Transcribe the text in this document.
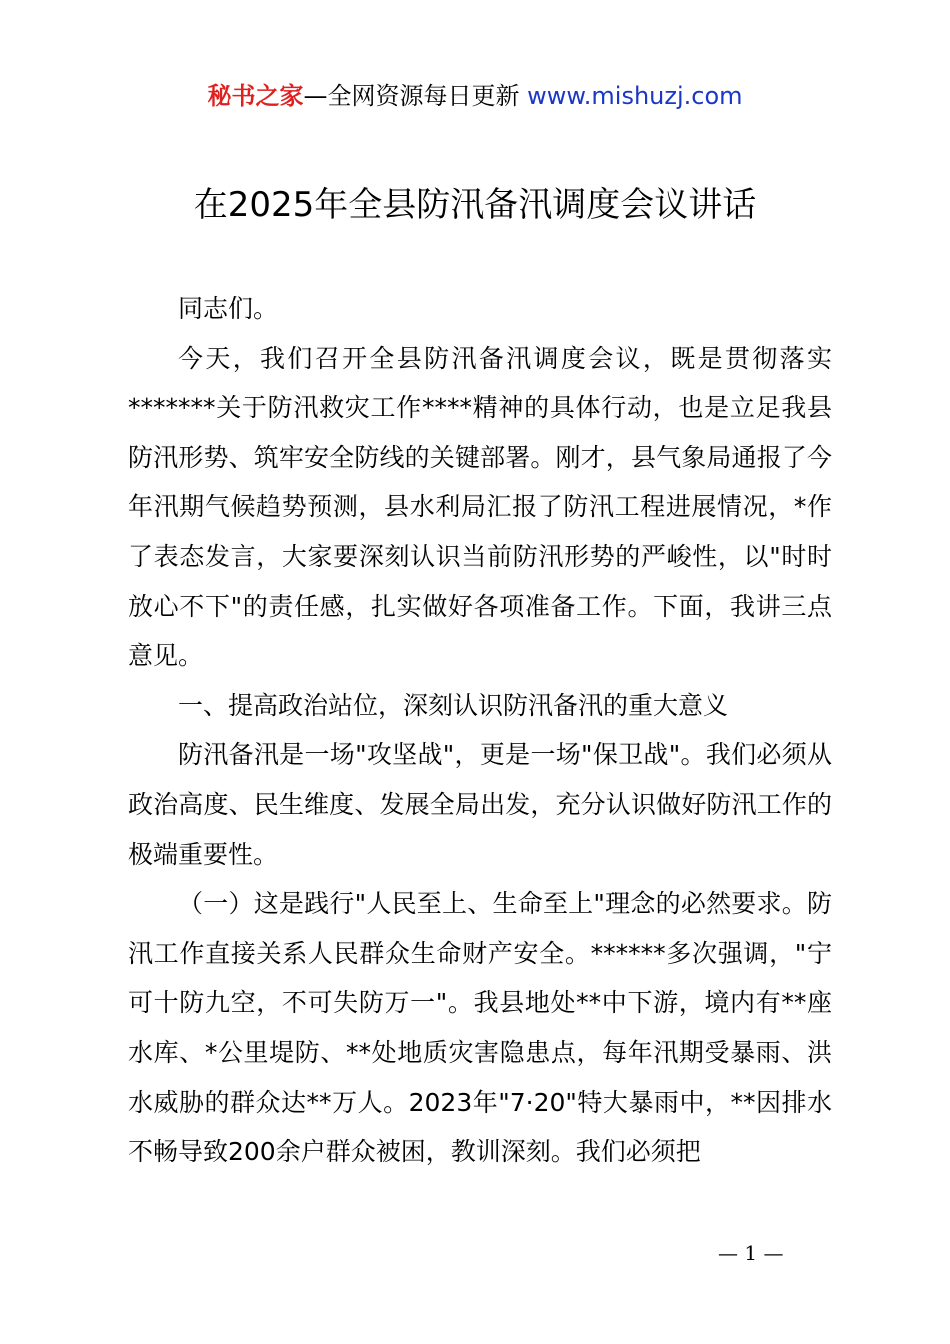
秘书之家—全网资源每日更新 www.mishuzj.com
在2025年全县防汛备汛调度会议讲话

同志们。

今天，我们召开全县防汛备汛调度会议，既是贯彻落实*******关于防汛救灾工作****精神的具体行动，也是立足我县防汛形势、筑牢安全防线的关键部署。刚才，县气象局通报了今年汛期气候趋势预测，县水利局汇报了防汛工程进展情况，*作了表态发言，大家要深刻认识当前防汛形势的严峻性，以"时时放心不下"的责任感，扎实做好各项准备工作。下面，我讲三点意见。

一、提高政治站位，深刻认识防汛备汛的重大意义

防汛备汛是一场"攻坚战"，更是一场"保卫战"。我们必须从政治高度、民生维度、发展全局出发，充分认识做好防汛工作的极端重要性。

（一）这是践行"人民至上、生命至上"理念的必然要求。防汛工作直接关系人民群众生命财产安全。******多次强调，"宁可十防九空，不可失防万一"。我县地处**中下游，境内有**座水库、*公里堤防、**处地质灾害隐患点，每年汛期受暴雨、洪水威胁的群众达**万人。2023年"7·20"特大暴雨中，**因排水不畅导致200余户群众被困，教训深刻。我们必须把

— 1 —
